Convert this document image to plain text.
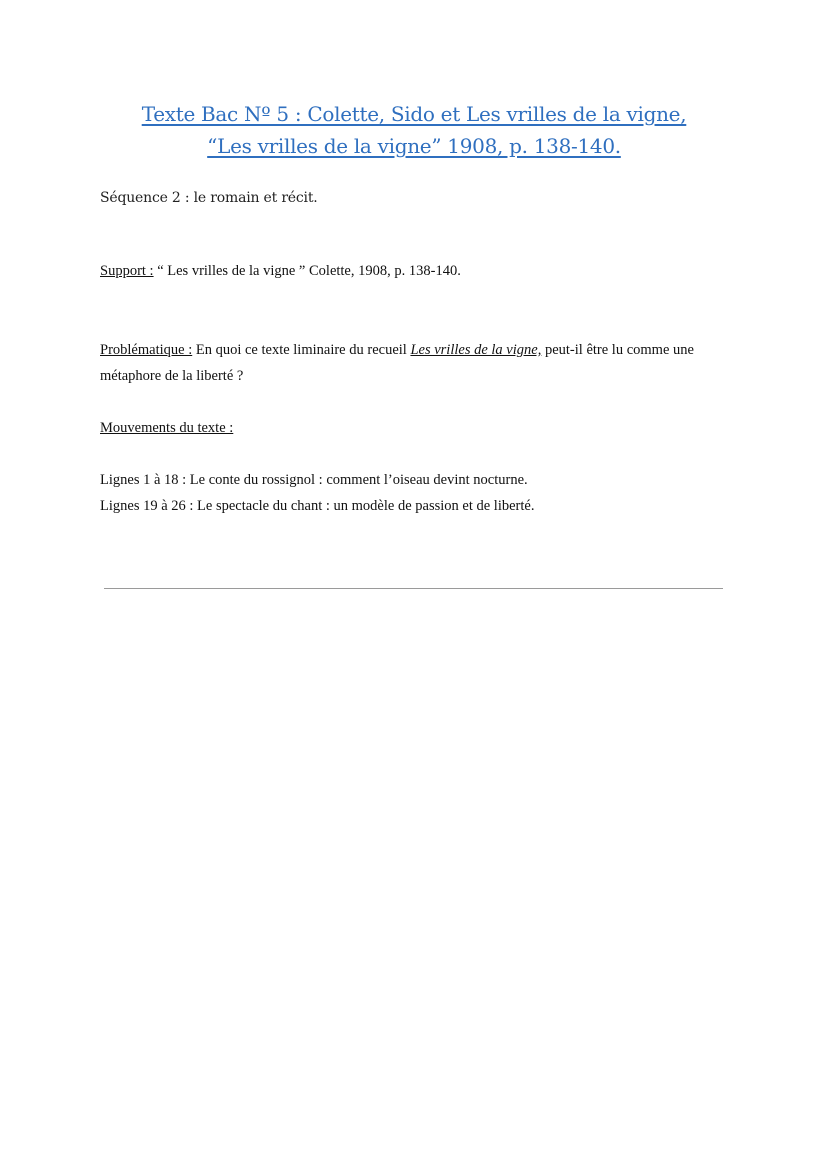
Texte Bac Nº 5 : Colette, Sido et Les vrilles de la vigne,
“Les vrilles de la vigne” 1908, p. 138-140.
Séquence 2 : le romain et récit.
Support : “ Les vrilles de la vigne ” Colette, 1908, p. 138-140.
Problématique : En quoi ce texte liminaire du recueil Les vrilles de la vigne, peut-il être lu comme une
métaphore de la liberté ?
Mouvements du texte :
Lignes 1 à 18 : Le conte du rossignol : comment l’oiseau devint nocturne.
Lignes 19 à 26 : Le spectacle du chant : un modèle de passion et de liberté.
